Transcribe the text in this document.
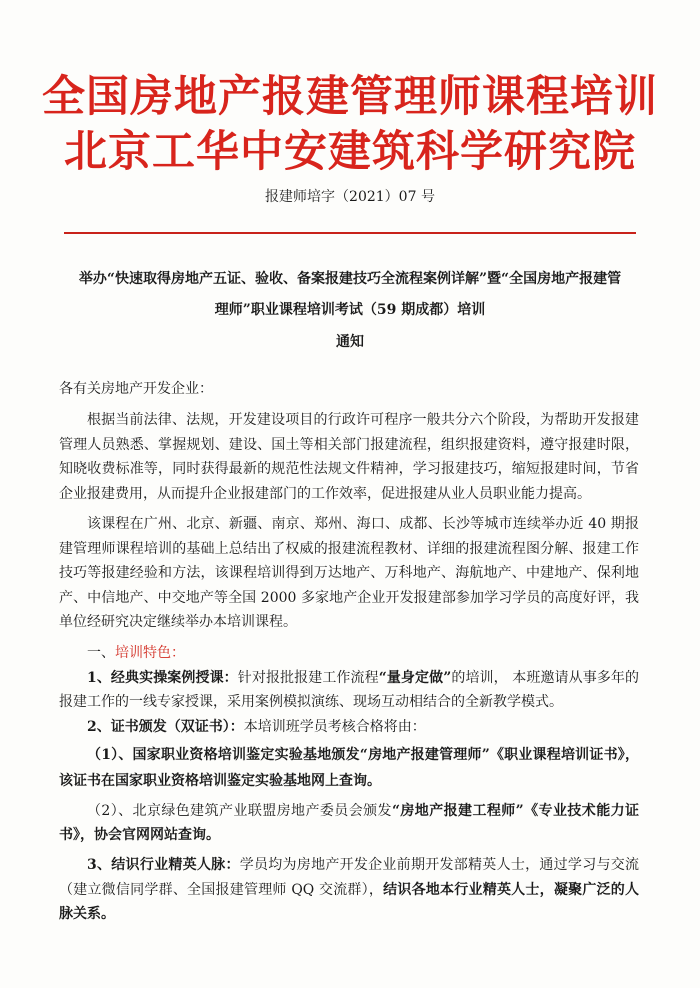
全国房地产报建管理师课程培训
北京工华中安建筑科学研究院
报建师培字（2021）07 号
举办“快速取得房地产五证、验收、备案报建技巧全流程案例详解”暨“全国房地产报建管
理师”职业课程培训考试（59 期成都）培训
通知
各有关房地产开发企业：
根据当前法律、法规，开发建设项目的行政许可程序一般共分六个阶段，为帮助开发报建管理人员熟悉、掌握规划、建设、国土等相关部门报建流程，组织报建资料，遵守报建时限，知晓收费标准等，同时获得最新的规范性法规文件精神，学习报建技巧，缩短报建时间，节省企业报建费用，从而提升企业报建部门的工作效率，促进报建从业人员职业能力提高。
该课程在广州、北京、新疆、南京、郑州、海口、成都、长沙等城市连续举办近 40 期报建管理师课程培训的基础上总结出了权威的报建流程教材、详细的报建流程图分解、报建工作技巧等报建经验和方法，该课程培训得到万达地产、万科地产、海航地产、中建地产、保利地产、中信地产、中交地产等全国 2000 多家地产企业开发报建部参加学习学员的高度好评，我单位经研究决定继续举办本培训课程。
一、培训特色：
1、经典实操案例授课：针对报批报建工作流程“量身定做”的培训， 本班邀请从事多年的报建工作的一线专家授课，采用案例模拟演练、现场互动相结合的全新教学模式。
2、证书颁发（双证书）：本培训班学员考核合格将由：
（1）、国家职业资格培训鉴定实验基地颁发“房地产报建管理师”《职业课程培训证书》，该证书在国家职业资格培训鉴定实验基地网上查询。
（2）、北京绿色建筑产业联盟房地产委员会颁发“房地产报建工程师”《专业技术能力证书》，协会官网网站查询。
3、结识行业精英人脉：学员均为房地产开发企业前期开发部精英人士，通过学习与交流（建立微信同学群、全国报建管理师 QQ 交流群），结识各地本行业精英人士，凝聚广泛的人脉关系。
